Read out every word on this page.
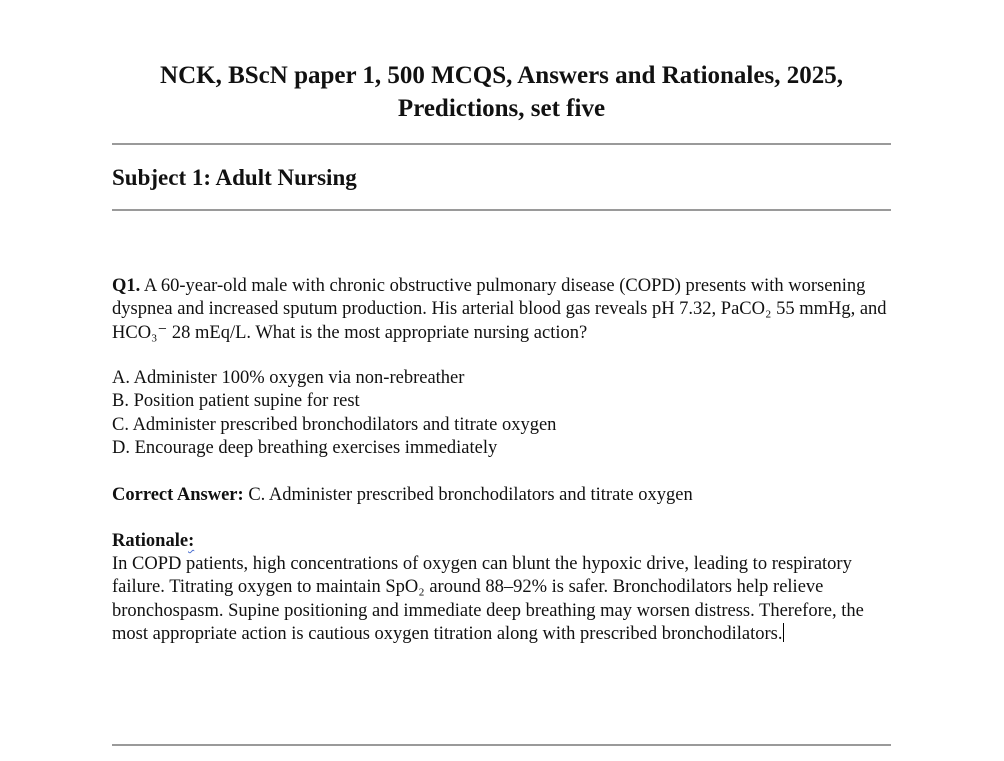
NCK, BScN paper 1, 500 MCQS, Answers and Rationales, 2025, Predictions, set five
Subject 1: Adult Nursing

Q1. A 60-year-old male with chronic obstructive pulmonary disease (COPD) presents with worsening dyspnea and increased sputum production. His arterial blood gas reveals pH 7.32, PaCO₂ 55 mmHg, and HCO₃⁻ 28 mEq/L. What is the most appropriate nursing action?

A. Administer 100% oxygen via non-rebreather
B. Position patient supine for rest
C. Administer prescribed bronchodilators and titrate oxygen
D. Encourage deep breathing exercises immediately

Correct Answer: C. Administer prescribed bronchodilators and titrate oxygen

Rationale:

In COPD patients, high concentrations of oxygen can blunt the hypoxic drive, leading to respiratory failure. Titrating oxygen to maintain SpO₂ around 88–92% is safer. Bronchodilators help relieve bronchospasm. Supine positioning and immediate deep breathing may worsen distress. Therefore, the most appropriate action is cautious oxygen titration along with prescribed bronchodilators.
